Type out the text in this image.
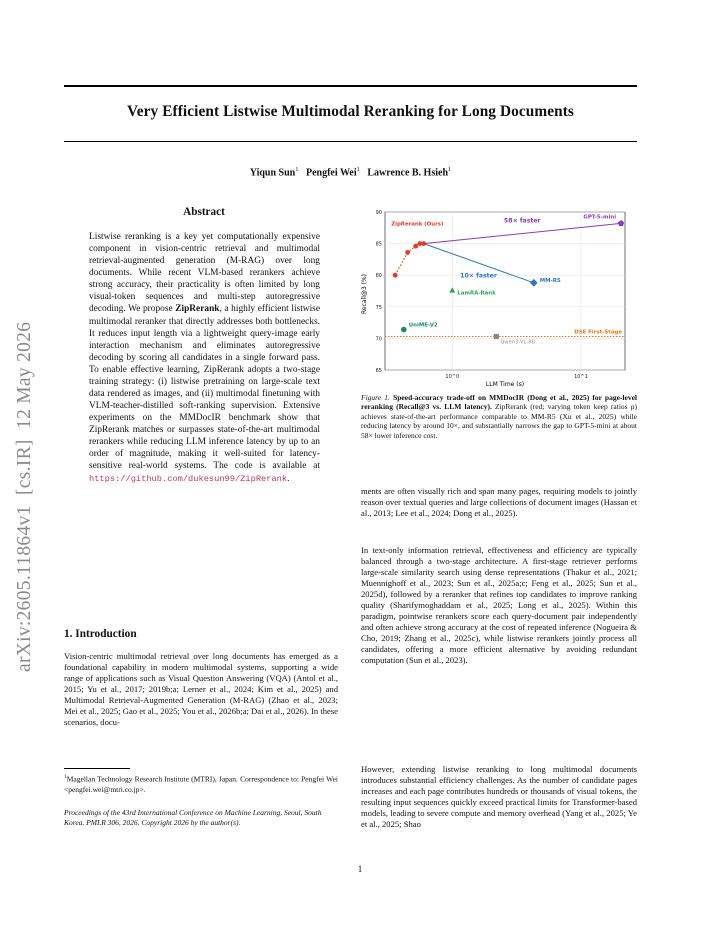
Very Efficient Listwise Multimodal Reranking for Long Documents
Yiqun Sun$^1$ Pengfei Wei$^1$ Lawrence B. Hsieh$^1$
arXiv:2605.11864v1  [cs.IR]  12 May 2026
Abstract
Listwise reranking is a key yet computationally expensive component in vision-centric retrieval and multimodal retrieval-augmented generation (M-RAG) over long documents. While recent VLM-based rerankers achieve strong accuracy, their practicality is often limited by long visual-token sequences and multi-step autoregressive decoding. We propose ZipRerank, a highly efficient listwise multimodal reranker that directly addresses both bottlenecks. It reduces input length via a lightweight query-image early interaction mechanism and eliminates autoregressive decoding by scoring all candidates in a single forward pass. To enable effective learning, ZipRerank adopts a two-stage training strategy: (i) listwise pretraining on large-scale text data rendered as images, and (ii) multimodal finetuning with VLM-teacher-distilled soft-ranking supervision. Extensive experiments on the MMDocIR benchmark show that ZipRerank matches or surpasses state-of-the-art multimodal rerankers while reducing LLM inference latency by up to an order of magnitude, making it well-suited for latency-sensitive real-world systems. The code is available at https://github.com/dukesun99/ZipRerank.
1. Introduction
Vision-centric multimodal retrieval over long documents has emerged as a foundational capability in modern multimodal systems, supporting a wide range of applications such as Visual Question Answering (VQA) (Antol et al., 2015; Yu et al., 2017; 2019b;a; Lerner et al., 2024; Kim et al., 2025) and Multimodal Retrieval-Augmented Generation (M-RAG) (Zhao et al., 2023; Mei et al., 2025; Gao et al., 2025; You et al., 2026b;a; Dai et al., 2026). In these scenarios, docu-
$^1$Magellan Technology Research Institute (MTRI), Japan. Correspondence to: Pengfei Wei <pengfei.wei@mtri.co.jp>.
Proceedings of the 43rd International Conference on Machine Learning, Seoul, South Korea. PMLR 306, 2026. Copyright 2026 by the author(s).
65
70
75
80
85
90
10^0	10^1
Recall@3 (%)
LLM Time (s)
DSE First-Stage
ZipRerank (Ours)
MM-R5
GPT-5-mini
LamRA-Rank
UniME-V2
Qwen3-VL-8B
58× faster
10× faster
Figure 1. Speed-accuracy trade-off on MMDocIR (Dong et al., 2025) for page-level reranking (Recall@3 vs. LLM latency). ZipRerank (red; varying token keep ratios ρ) achieves state-of-the-art performance comparable to MM-R5 (Xu et al., 2025) while reducing latency by around 10×, and substantially narrows the gap to GPT-5-mini at about 58× lower inference cost.
ments are often visually rich and span many pages, requiring models to jointly reason over textual queries and large collections of document images (Hassan et al., 2013; Lee et al., 2024; Dong et al., 2025).
In text-only information retrieval, effectiveness and efficiency are typically balanced through a two-stage architecture. A first-stage retriever performs large-scale similarity search using dense representations (Thakur et al., 2021; Muennighoff et al., 2023; Sun et al., 2025a;c; Feng et al., 2025; Sun et al., 2025d), followed by a reranker that refines top candidates to improve ranking quality (Sharifymoghaddam et al., 2025; Long et al., 2025). Within this paradigm, pointwise rerankers score each query-document pair independently and often achieve strong accuracy at the cost of repeated inference (Nogueira & Cho, 2019; Zhang et al., 2025c), while listwise rerankers jointly process all candidates, offering a more efficient alternative by avoiding redundant computation (Sun et al., 2023).
However, extending listwise reranking to long multimodal documents introduces substantial efficiency challenges. As the number of candidate pages increases and each page contributes hundreds or thousands of visual tokens, the resulting input sequences quickly exceed practical limits for Transformer-based models, leading to severe compute and memory overhead (Yang et al., 2025; Ye et al., 2025; Shao
1
